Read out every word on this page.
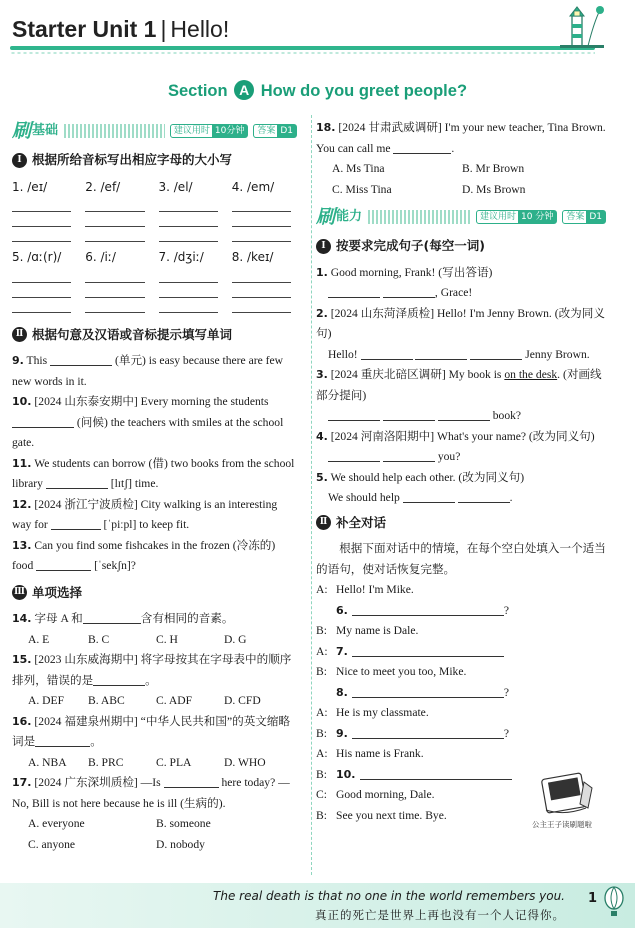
Starter Unit 1 | Hello!
Section A How do you greet people?
刷 基础	建议用时 10分钟	答案 D1
Ⅰ 根据所给音标写出相应字母的大小写
1. /eɪ/	2. /ef/	3. /el/	4. /em/
5. /ɑː(r)/	6. /iː/	7. /dʒiː/	8. /keɪ/
Ⅱ 根据句意及汉语或音标提示填写单词

9. This	(单元) is easy because there are few new words in it.

10. [2024 山东泰安期中] Every morning the students  (问候) the teachers with smiles at the school gate.

11. We students can borrow (借) two books from the school library	[lɪtʃ] time.

12. [2024 浙江宁波质检] City walking is an interesting way for	[ˈpiːpl] to keep fit.

13. Can you find some fishcakes in the frozen (冷冻的) food	[ˈsekʃn]?

Ⅲ 单项选择

14. 字母 A 和	含有相同的音素。

A. E	B. C	C. H	D. G

15. [2023 山东威海期中] 将字母按其在字母表中的顺序排列，错误的是	。

A. DEF	B. ABC	C. ADF	D. CFD

16. [2024 福建泉州期中] “中华人民共和国”的英文缩略词是	。

A. NBA	B. PRC	C. PLA	D. WHO

17. [2024 广东深圳质检] —Is	here today? —No, Bill is not here because he is ill (生病的).

A. everyone	B. someone
C. anyone	D. nobody

18. [2024 甘肃武威调研] I'm your new teacher, Tina Brown. You can call me	.

A. Ms Tina	B. Mr Brown
C. Miss Tina	D. Ms Brown
刷 能力	建议用时 10 分钟	答案 D1
Ⅰ 按要求完成句子(每空一词)

1. Good morning, Frank! (写出答语)

, Grace!

2. [2024 山东菏泽质检] Hello! I'm Jenny Brown. (改为同义句)

Hello!	Jenny Brown.

3. [2024 重庆北碚区调研] My book is on the desk. (对画线部分提问)

book?

4. [2024 河南洛阳期中] What's your name? (改为同义句)

you?

5. We should help each other. (改为同义句)

We should help	.

Ⅱ 补全对话

根据下面对话中的情境，在每个空白处填入一个适当的语句，使对话恢复完整。

A: Hello! I'm Mike.

6.	?

B: My name is Dale.

A: 7.

B: Nice to meet you too, Mike.

8.	?

A: He is my classmate.

B: 9.	?

A: His name is Frank.

B: 10.

C: Good morning, Dale.

B: See you next time. Bye.

公主王子读刷题啦
The real death is that no one in the world remembers you.
真正的死亡是世界上再也没有一个人记得你。
1
